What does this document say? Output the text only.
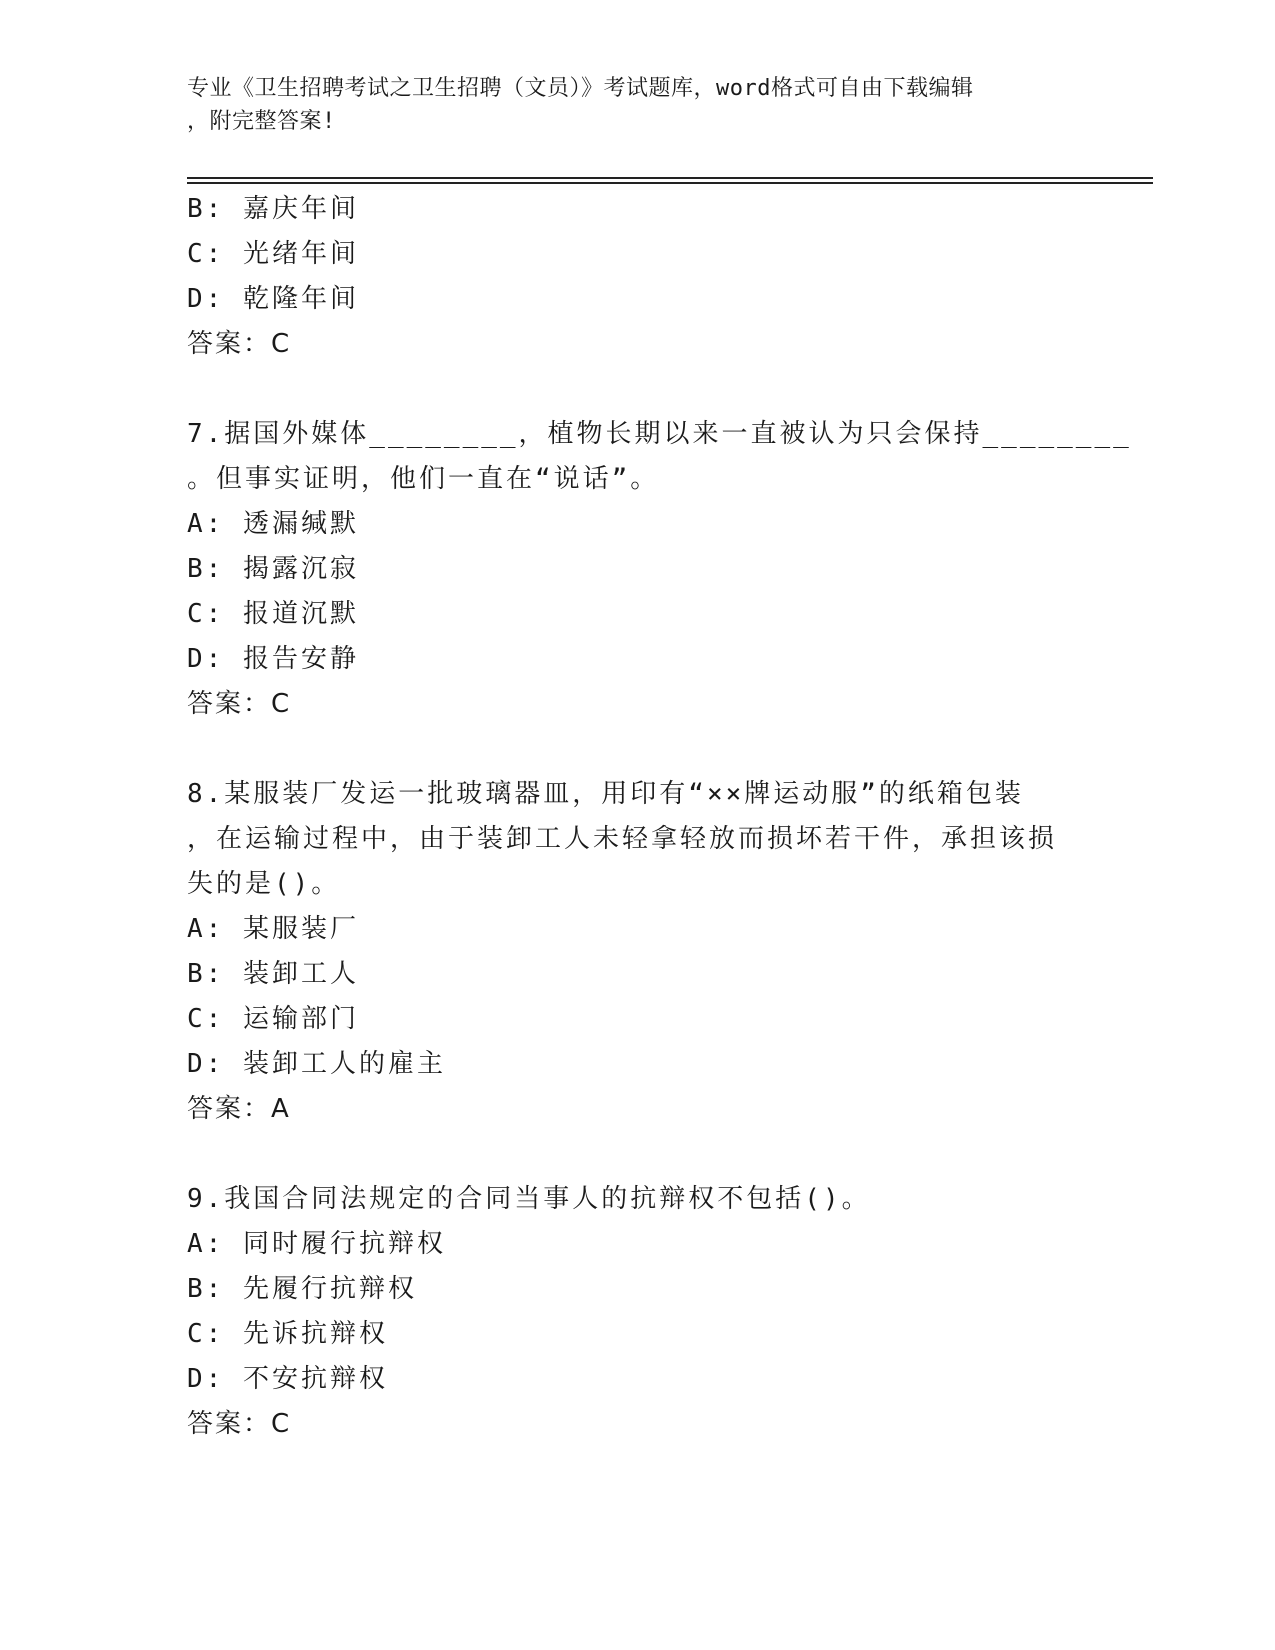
专业《卫生招聘考试之卫生招聘（文员）》考试题库，word格式可自由下载编辑
，附完整答案!
B: 嘉庆年间
C: 光绪年间
D: 乾隆年间
答案：C
7.据国外媒体________，植物长期以来一直被认为只会保持________
。但事实证明，他们一直在“说话”。
A: 透漏缄默
B: 揭露沉寂
C: 报道沉默
D: 报告安静
答案：C
8.某服装厂发运一批玻璃器皿，用印有“××牌运动服”的纸箱包装
，在运输过程中，由于装卸工人未轻拿轻放而损坏若干件，承担该损
失的是()。
A: 某服装厂
B: 装卸工人
C: 运输部门
D: 装卸工人的雇主
答案：A
9.我国合同法规定的合同当事人的抗辩权不包括()。
A: 同时履行抗辩权
B: 先履行抗辩权
C: 先诉抗辩权
D: 不安抗辩权
答案：C
